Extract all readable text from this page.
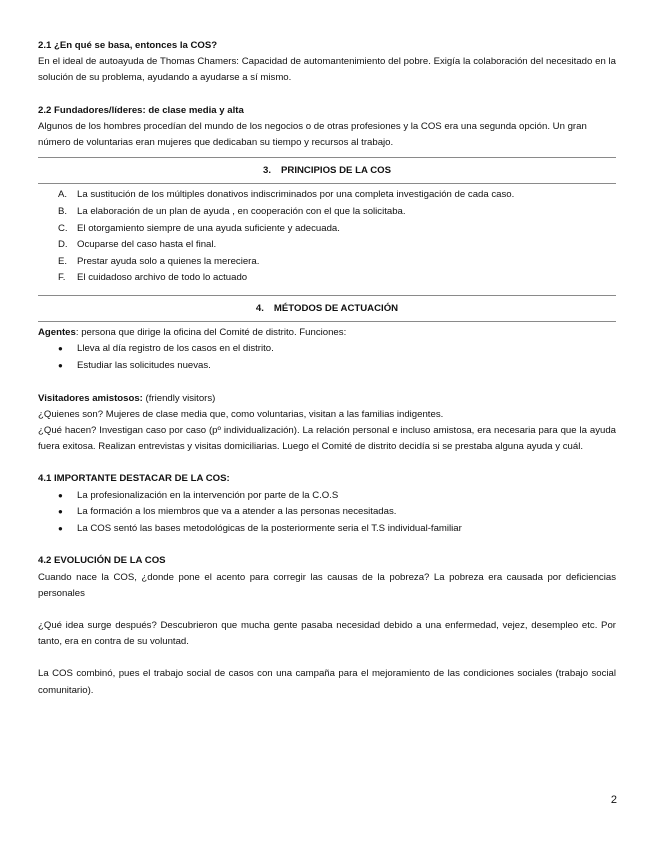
2.1 ¿En qué se basa, entonces la COS?

En el ideal de autoayuda de Thomas Chamers: Capacidad de automantenimiento del pobre. Exigía la colaboración del necesitado en la solución de su problema, ayudando a ayudarse a sí mismo.

2.2 Fundadores/líderes: de clase media y alta

Algunos de los hombres procedían del mundo de los negocios o de otras profesiones y la COS era una segunda opción. Un gran número de voluntarias eran mujeres que dedicaban su tiempo y recursos al trabajo.

3. PRINCIPIOS DE LA COS
A. La sustitución de los múltiples donativos indiscriminados por una completa investigación de cada caso.
B. La elaboración de un plan de ayuda , en cooperación con el que la solicitaba.
C. El otorgamiento siempre de una ayuda suficiente y adecuada.
D. Ocuparse del caso hasta el final.
E. Prestar ayuda solo a quienes la mereciera.
F. El cuidadoso archivo de todo lo actuado
4. MÉTODOS DE ACTUACIÓN

Agentes: persona que dirige la oficina del Comité de distrito. Funciones:

● Lleva al día registro de los casos en el distrito.
● Estudiar las solicitudes nuevas.

Visitadores amistosos: (friendly visitors)

¿Quienes son? Mujeres de clase media que, como voluntarias, visitan a las familias indigentes.

¿Qué hacen? Investigan caso por caso (pº individualización). La relación personal e incluso amistosa, era necesaria para que la ayuda fuera exitosa. Realizan entrevistas y visitas domiciliarias. Luego el Comité de distrito decidía si se prestaba alguna ayuda y cuál.

4.1 IMPORTANTE DESTACAR DE LA COS:

● La profesionalización en la intervención por parte de la C.O.S
● La formación a los miembros que va a atender a las personas necesitadas.
● La COS sentó las bases metodológicas de la posteriormente seria el T.S individual-familiar

4.2 EVOLUCIÓN DE LA COS

Cuando nace la COS, ¿donde pone el acento para corregir las causas de la pobreza? La pobreza era causada por deficiencias personales

¿Qué idea surge después? Descubrieron que mucha gente pasaba necesidad debido a una enfermedad, vejez, desempleo etc. Por tanto, era en contra de su voluntad.

La COS combinó, pues el trabajo social de casos con una campaña para el mejoramiento de las condiciones sociales (trabajo social comunitario).

2
